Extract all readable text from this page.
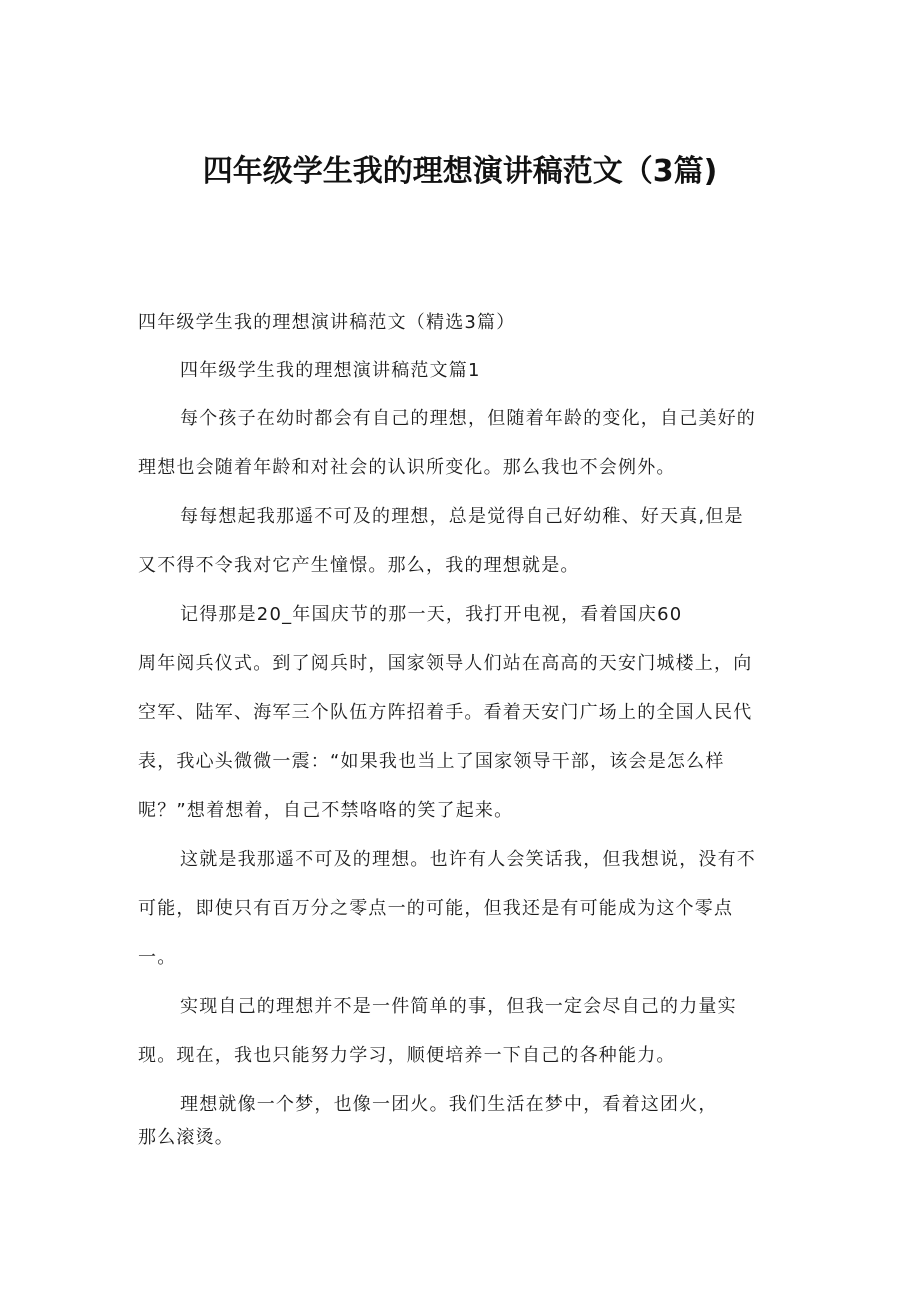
四年级学生我的理想演讲稿范文（3篇)
四年级学生我的理想演讲稿范文（精选3篇）
四年级学生我的理想演讲稿范文篇1
每个孩子在幼时都会有自己的理想，但随着年龄的变化，自己美好的
理想也会随着年龄和对社会的认识所变化。那么我也不会例外。
每每想起我那遥不可及的理想，总是觉得自己好幼稚、好天真,但是
又不得不令我对它产生憧憬。那么，我的理想就是。
记得那是20_年国庆节的那一天，我打开电视，看着国庆60
周年阅兵仪式。到了阅兵时，国家领导人们站在高高的天安门城楼上，向
空军、陆军、海军三个队伍方阵招着手。看着天安门广场上的全国人民代
表，我心头微微一震：“如果我也当上了国家领导干部，该会是怎么样
呢？”想着想着，自己不禁咯咯的笑了起来。
这就是我那遥不可及的理想。也许有人会笑话我，但我想说，没有不
可能，即使只有百万分之零点一的可能，但我还是有可能成为这个零点
一。
实现自己的理想并不是一件简单的事，但我一定会尽自己的力量实
现。现在，我也只能努力学习，顺便培养一下自己的各种能力。
理想就像一个梦，也像一团火。我们生活在梦中，看着这团火，
那么滚烫。
